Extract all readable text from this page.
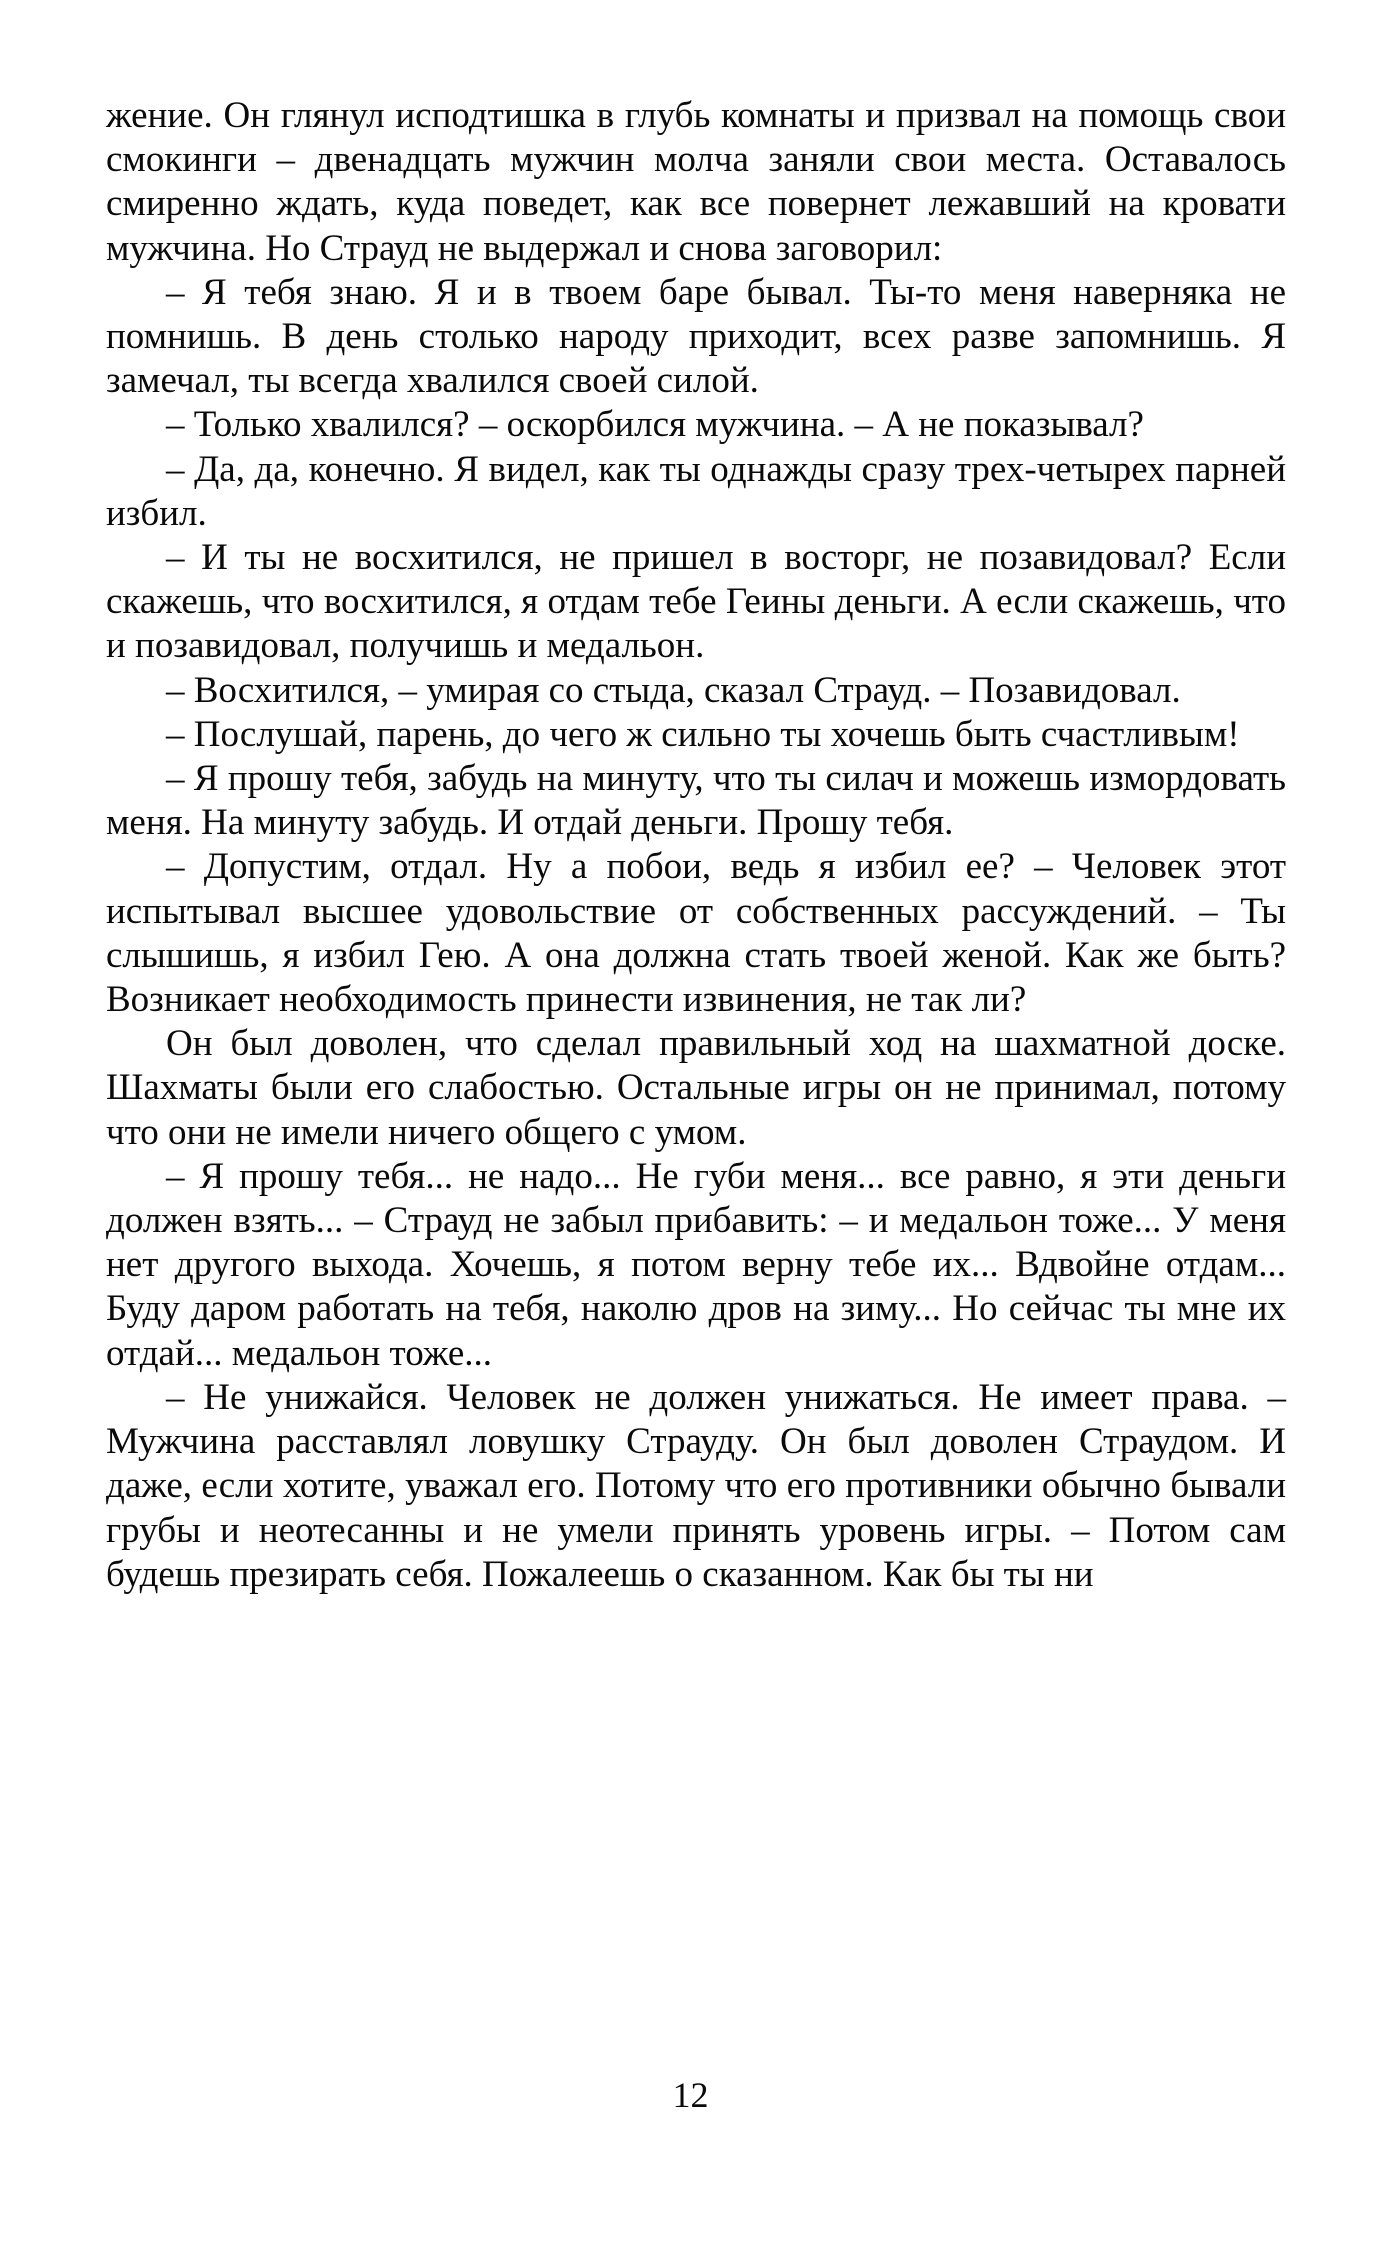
жение. Он глянул исподтишка в глубь комнаты и призвал на помощь свои смокинги – двенадцать мужчин молча заняли свои места. Оставалось смиренно ждать, куда поведет, как все повернет лежавший на кровати мужчина. Но Страуд не выдержал и снова заговорил:

– Я тебя знаю. Я и в твоем баре бывал. Ты-то меня наверняка не помнишь. В день столько народу приходит, всех разве запомнишь. Я замечал, ты всегда хвалился своей силой.

– Только хвалился? – оскорбился мужчина. – А не показывал?

– Да, да, конечно. Я видел, как ты однажды сразу трех-четырех парней избил.

– И ты не восхитился, не пришел в восторг, не позавидовал? Если скажешь, что восхитился, я отдам тебе Геины деньги. А если скажешь, что и позавидовал, получишь и медальон.

– Восхитился, – умирая со стыда, сказал Страуд. – Позавидовал.

– Послушай, парень, до чего ж сильно ты хочешь быть счастливым!

– Я прошу тебя, забудь на минуту, что ты силач и можешь измордовать меня. На минуту забудь. И отдай деньги. Прошу тебя.

– Допустим, отдал. Ну а побои, ведь я избил ее? – Человек этот испытывал высшее удовольствие от собственных рассуждений. – Ты слышишь, я избил Гею. А она должна стать твоей женой. Как же быть? Возникает необходимость принести извинения, не так ли?

Он был доволен, что сделал правильный ход на шахматной доске. Шахматы были его слабостью. Остальные игры он не принимал, потому что они не имели ничего общего с умом.

– Я прошу тебя... не надо... Не губи меня... все равно, я эти деньги должен взять... – Страуд не забыл прибавить: – и медальон тоже... У меня нет другого выхода. Хочешь, я потом верну тебе их... Вдвойне отдам... Буду даром работать на тебя, наколю дров на зиму... Но сейчас ты мне их отдай... медальон тоже...

– Не унижайся. Человек не должен унижаться. Не имеет права. – Мужчина расставлял ловушку Страуду. Он был доволен Страудом. И даже, если хотите, уважал его. Потому что его противники обычно бывали грубы и неотесанны и не умели принять уровень игры. – Потом сам будешь презирать себя. Пожалеешь о сказанном. Как бы ты ни

12
